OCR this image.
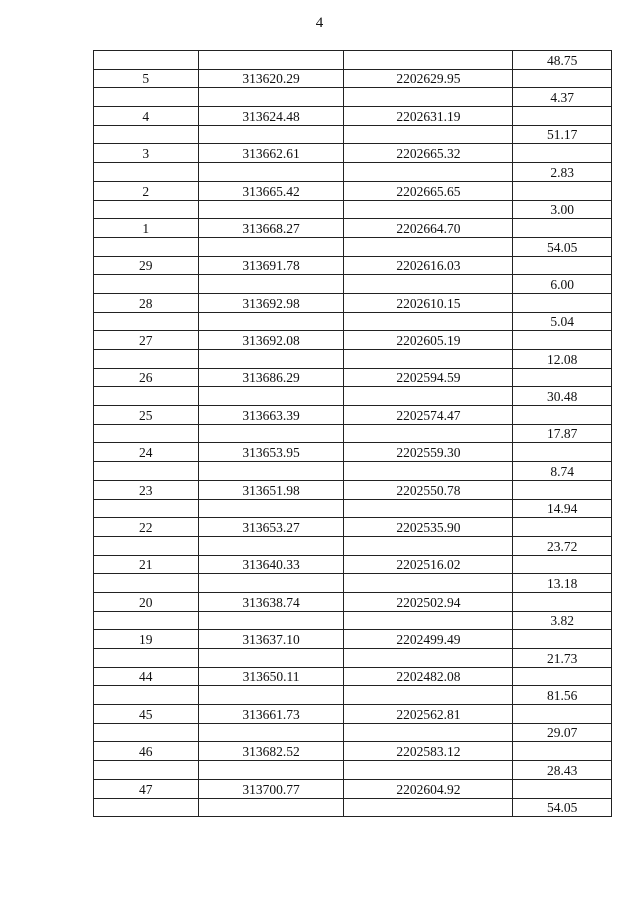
4
			48.75
5	313620.29	2202629.95	
			4.37
4	313624.48	2202631.19	
			51.17
3	313662.61	2202665.32	
			2.83
2	313665.42	2202665.65	
			3.00
1	313668.27	2202664.70	
			54.05
29	313691.78	2202616.03	
			6.00
28	313692.98	2202610.15	
			5.04
27	313692.08	2202605.19	
			12.08
26	313686.29	2202594.59	
			30.48
25	313663.39	2202574.47	
			17.87
24	313653.95	2202559.30	
			8.74
23	313651.98	2202550.78	
			14.94
22	313653.27	2202535.90	
			23.72
21	313640.33	2202516.02	
			13.18
20	313638.74	2202502.94	
			3.82
19	313637.10	2202499.49	
			21.73
44	313650.11	2202482.08	
			81.56
45	313661.73	2202562.81	
			29.07
46	313682.52	2202583.12	
			28.43
47	313700.77	2202604.92	
			54.05
